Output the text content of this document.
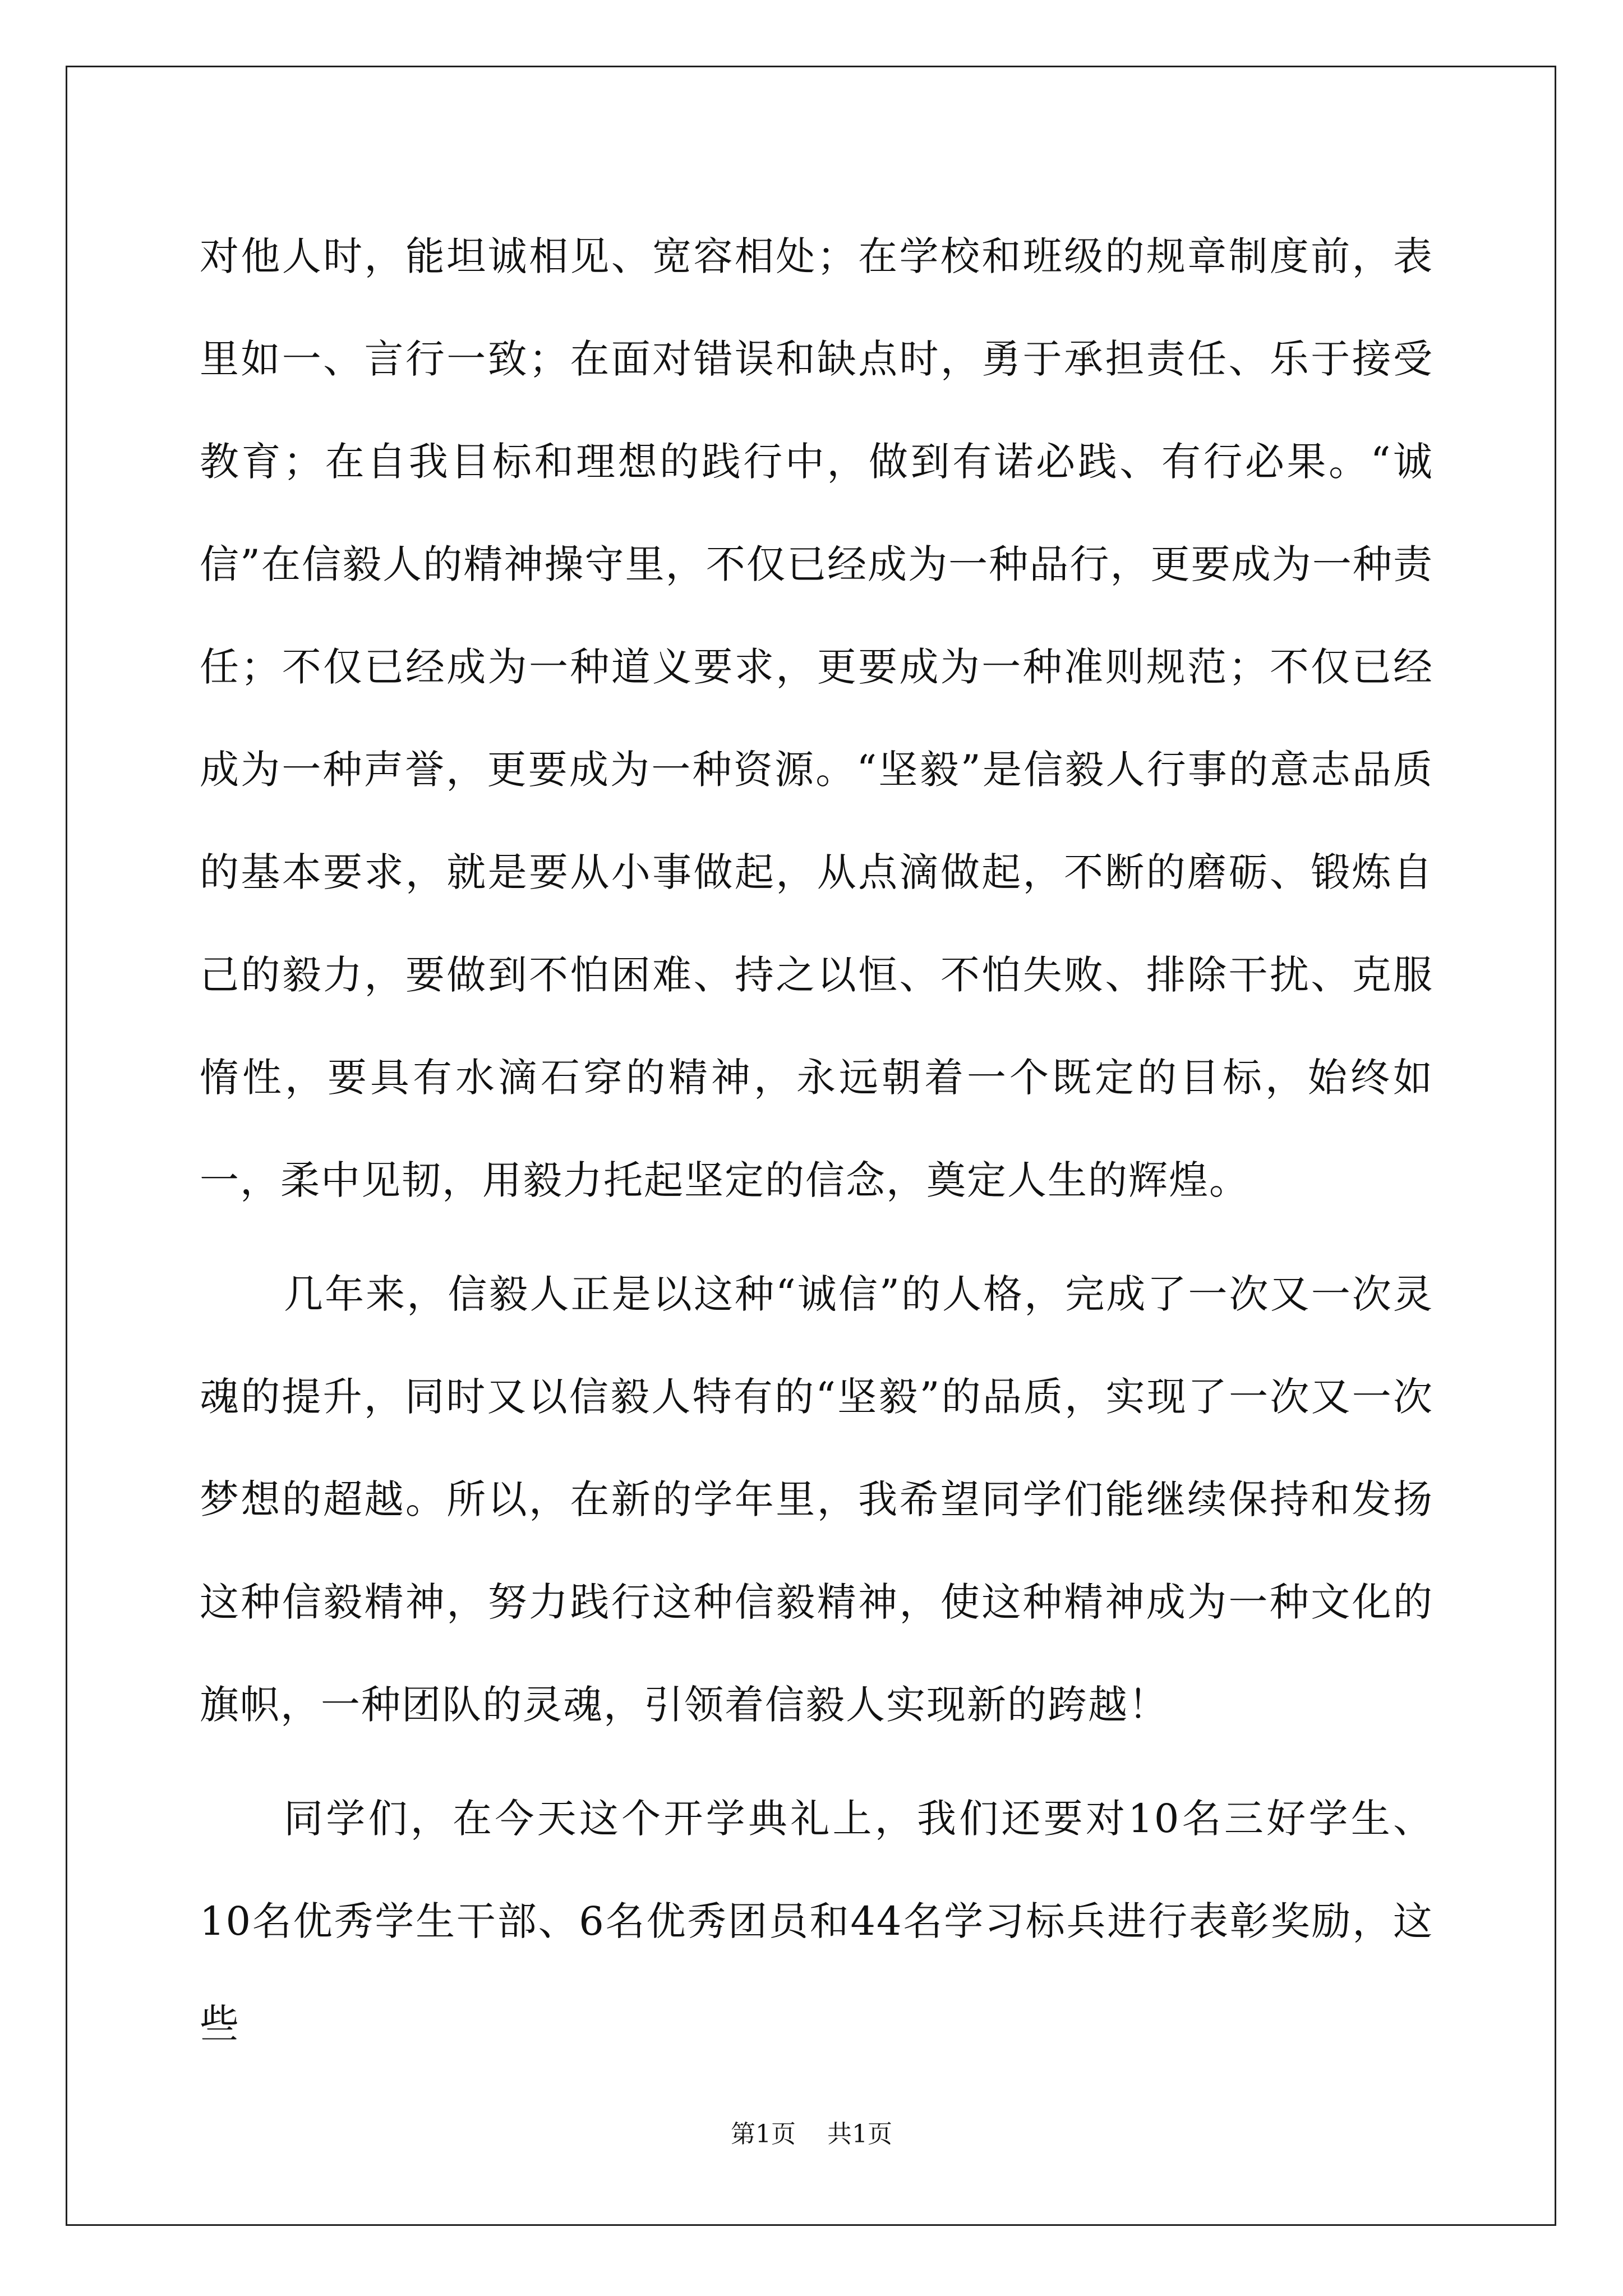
对他人时，能坦诚相见、宽容相处；在学校和班级的规章制度前，表里如一、言行一致；在面对错误和缺点时，勇于承担责任、乐于接受教育；在自我目标和理想的践行中，做到有诺必践、有行必果。“诚信”在信毅人的精神操守里，不仅已经成为一种品行，更要成为一种责任；不仅已经成为一种道义要求，更要成为一种准则规范；不仅已经成为一种声誉，更要成为一种资源。“坚毅”是信毅人行事的意志品质的基本要求，就是要从小事做起，从点滴做起，不断的磨砺、锻炼自己的毅力，要做到不怕困难、持之以恒、不怕失败、排除干扰、克服惰性，要具有水滴石穿的精神，永远朝着一个既定的目标，始终如一，柔中见韧，用毅力托起坚定的信念，奠定人生的辉煌。

几年来，信毅人正是以这种“诚信”的人格，完成了一次又一次灵魂的提升，同时又以信毅人特有的“坚毅”的品质，实现了一次又一次梦想的超越。所以，在新的学年里，我希望同学们能继续保持和发扬这种信毅精神，努力践行这种信毅精神，使这种精神成为一种文化的旗帜，一种团队的灵魂，引领着信毅人实现新的跨越！

同学们，在今天这个开学典礼上，我们还要对10名三好学生、10名优秀学生干部、6名优秀团员和44名学习标兵进行表彰奖励，这些

第1页 共1页
